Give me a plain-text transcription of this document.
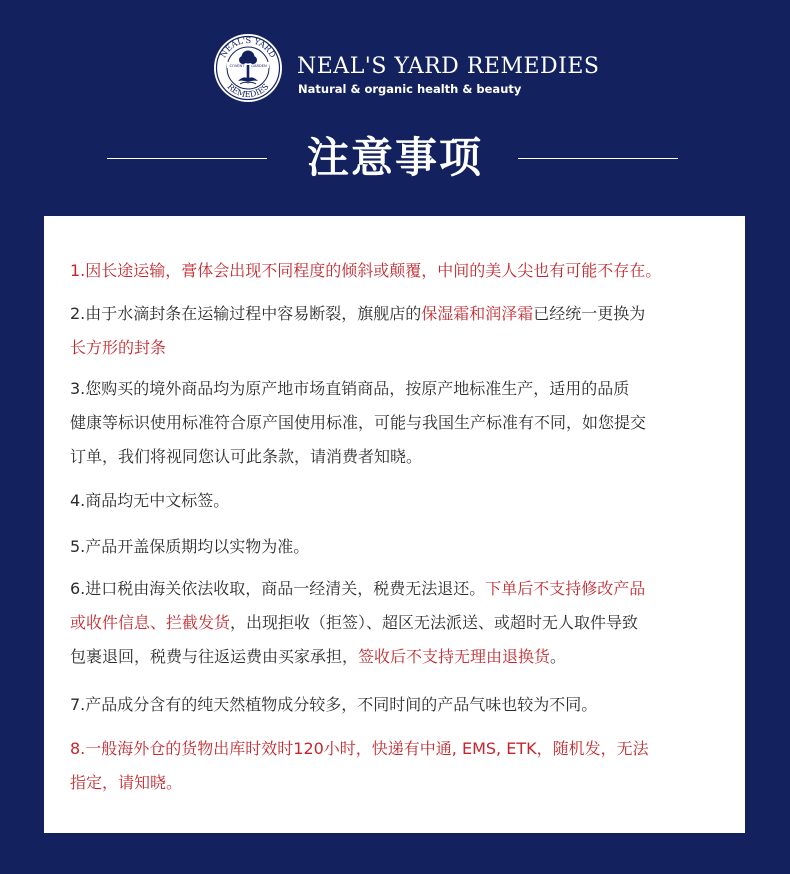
NEAL'S YARD
REMEDIES
COVENT GARDEN NEAL'S YARD REMEDIES
Natural & organic health & beauty
注意事项
1.因长途运输，膏体会出现不同程度的倾斜或颠覆，中间的美人尖也有可能不存在。
2.由于水滴封条在运输过程中容易断裂，旗舰店的保湿霜和润泽霜已经统一更换为
长方形的封条
3.您购买的境外商品均为原产地市场直销商品，按原产地标准生产，适用的品质
健康等标识使用标准符合原产国使用标准，可能与我国生产标准有不同，如您提交
订单，我们将视同您认可此条款，请消费者知晓。
4.商品均无中文标签。
5.产品开盖保质期均以实物为准。
6.进口税由海关依法收取，商品一经清关，税费无法退还。下单后不支持修改产品
或收件信息、拦截发货，出现拒收（拒签）、超区无法派送、或超时无人取件导致
包裹退回，税费与往返运费由买家承担，签收后不支持无理由退换货。
7.产品成分含有的纯天然植物成分较多，不同时间的产品气味也较为不同。
8.一般海外仓的货物出库时效时120小时，快递有中通, EMS, ETK，随机发，无法
指定，请知晓。
